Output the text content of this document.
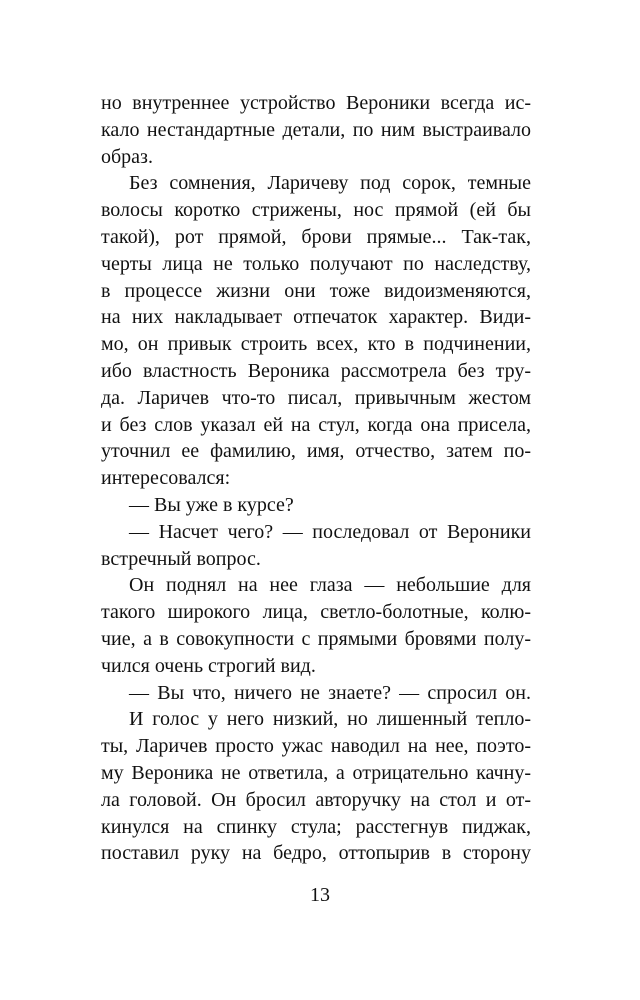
но внутреннее устройство Вероники всегда ис-
кало нестандартные детали, по ним выстраивало
образ.
Без сомнения, Ларичеву под сорок, темные
волосы коротко стрижены, нос прямой (ей бы
такой), рот прямой, брови прямые... Так-так,
черты лица не только получают по наследству,
в процессе жизни они тоже видоизменяются,
на них накладывает отпечаток характер. Види-
мо, он привык строить всех, кто в подчинении,
ибо властность Вероника рассмотрела без тру-
да. Ларичев что-то писал, привычным жестом
и без слов указал ей на стул, когда она присела,
уточнил ее фамилию, имя, отчество, затем по-
интересовался:
— Вы уже в курсе?
— Насчет чего? — последовал от Вероники
встречный вопрос.
Он поднял на нее глаза — небольшие для
такого широкого лица, светло-болотные, колю-
чие, а в совокупности с прямыми бровями полу-
чился очень строгий вид.
— Вы что, ничего не знаете? — спросил он.
И голос у него низкий, но лишенный тепло-
ты, Ларичев просто ужас наводил на нее, поэто-
му Вероника не ответила, а отрицательно качну-
ла головой. Он бросил авторучку на стол и от-
кинулся на спинку стула; расстегнув пиджак,
поставил руку на бедро, оттопырив в сторону
13
